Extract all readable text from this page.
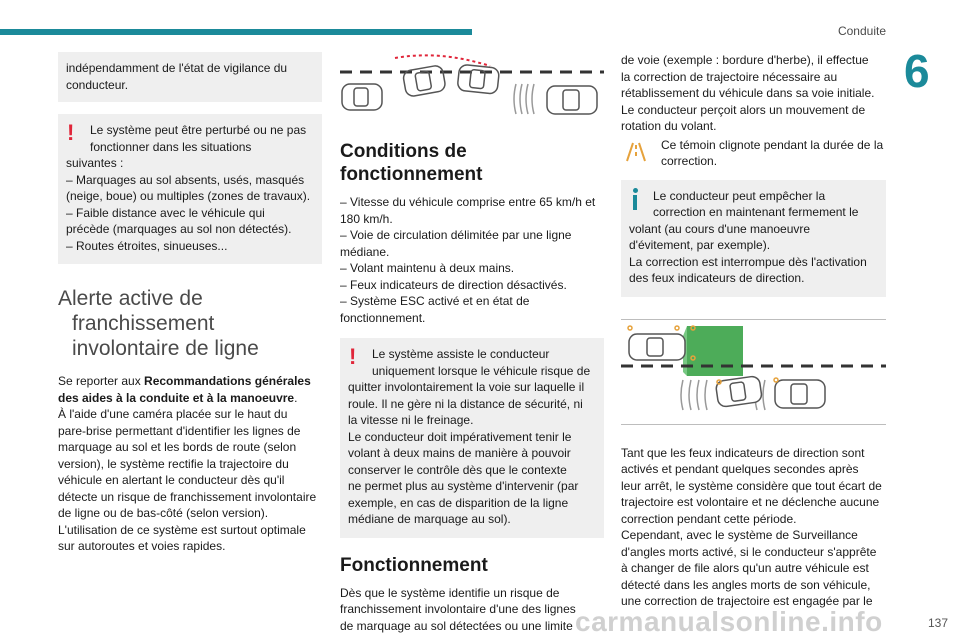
Conduite
6

indépendamment de l'état de vigilance du

conducteur.

!	Le système peut être perturbé ou ne pas

fonctionner dans les situations

suivantes :

– Marquages au sol absents, usés, masqués

(neige, boue) ou multiples (zones de travaux).

– Faible distance avec le véhicule qui

précède (marquages au sol non détectés).

– Routes étroites, sinueuses...

Alerte active de
franchissement
involontaire de ligne

Se reporter aux Recommandations générales des aides à la conduite et à la manoeuvre.

À l'aide d'une caméra placée sur le haut du

pare-brise permettant d'identifier les lignes de

marquage au sol et les bords de route (selon

version), le système rectifie la trajectoire du

véhicule en alertant le conducteur dès qu'il

détecte un risque de franchissement involontaire

de ligne ou de bas-côté (selon version).

L'utilisation de ce système est surtout optimale

sur autoroutes et voies rapides.

Conditions de
fonctionnement

– Vitesse du véhicule comprise entre 65 km/h et

180 km/h.

– Voie de circulation délimitée par une ligne

médiane.

– Volant maintenu à deux mains.

– Feux indicateurs de direction désactivés.

– Système ESC activé et en état de

fonctionnement.

!	Le système assiste le conducteur

uniquement lorsque le véhicule risque de

quitter involontairement la voie sur laquelle il

roule. Il ne gère ni la distance de sécurité, ni

la vitesse ni le freinage.

Le conducteur doit impérativement tenir le

volant à deux mains de manière à pouvoir

conserver le contrôle dès que le contexte

ne permet plus au système d'intervenir (par

exemple, en cas de disparition de la ligne

médiane de marquage au sol).

Fonctionnement

Dès que le système identifie un risque de

franchissement involontaire d'une des lignes

de marquage au sol détectées ou une limite

de voie (exemple : bordure d'herbe), il effectue

la correction de trajectoire nécessaire au

rétablissement du véhicule dans sa voie initiale.

Le conducteur perçoit alors un mouvement de

rotation du volant.

Ce témoin clignote pendant la durée de la

correction.

Le conducteur peut empêcher la

correction en maintenant fermement le

volant (au cours d'une manoeuvre

d'évitement, par exemple).

La correction est interrompue dès l'activation

des feux indicateurs de direction.

Tant que les feux indicateurs de direction sont

activés et pendant quelques secondes après

leur arrêt, le système considère que tout écart de

trajectoire est volontaire et ne déclenche aucune

correction pendant cette période.

Cependant, avec le système de Surveillance

d'angles morts activé, si le conducteur s'apprête

à changer de file alors qu'un autre véhicule est

détecté dans les angles morts de son véhicule,

une correction de trajectoire est engagée par le

carmanualsonline.info	137
